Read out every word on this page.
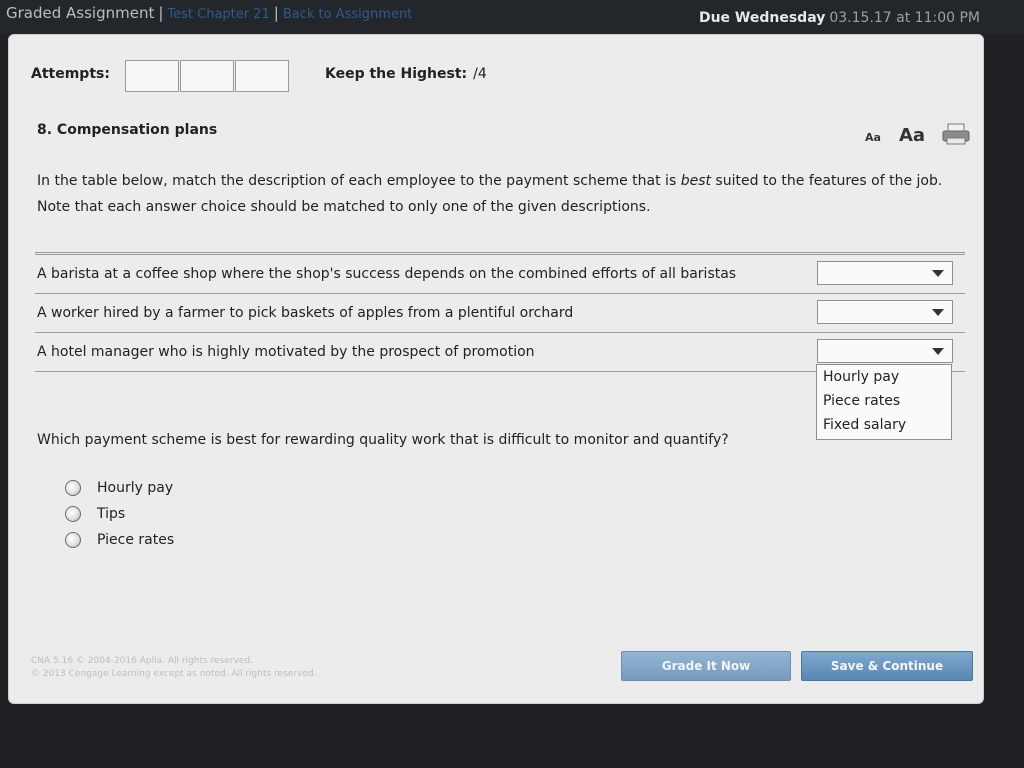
Graded Assignment | Test Chapter 21 | Back to Assignment	Due Wednesday 03.15.17 at 11:00 PM
Attempts:	Keep the Highest: /4
8. Compensation plans	Aa Aa
In the table below, match the description of each employee to the payment scheme that is best suited to the features of the job. Note that each answer choice should be matched to only one of the given descriptions.
A barista at a coffee shop where the shop's success depends on the combined efforts of all baristas
A worker hired by a farmer to pick baskets of apples from a plentiful orchard
A hotel manager who is highly motivated by the prospect of promotion
Which payment scheme is best for rewarding quality work that is difficult to monitor and quantify?
Hourly pay
Tips
Piece rates
CNA 5.16 © 2004-2016 Aplia. All rights reserved.
© 2013 Cengage Learning except as noted. All rights reserved.
Grade It Now	Save & Continue
Hourly pay
Piece rates
Fixed salary
